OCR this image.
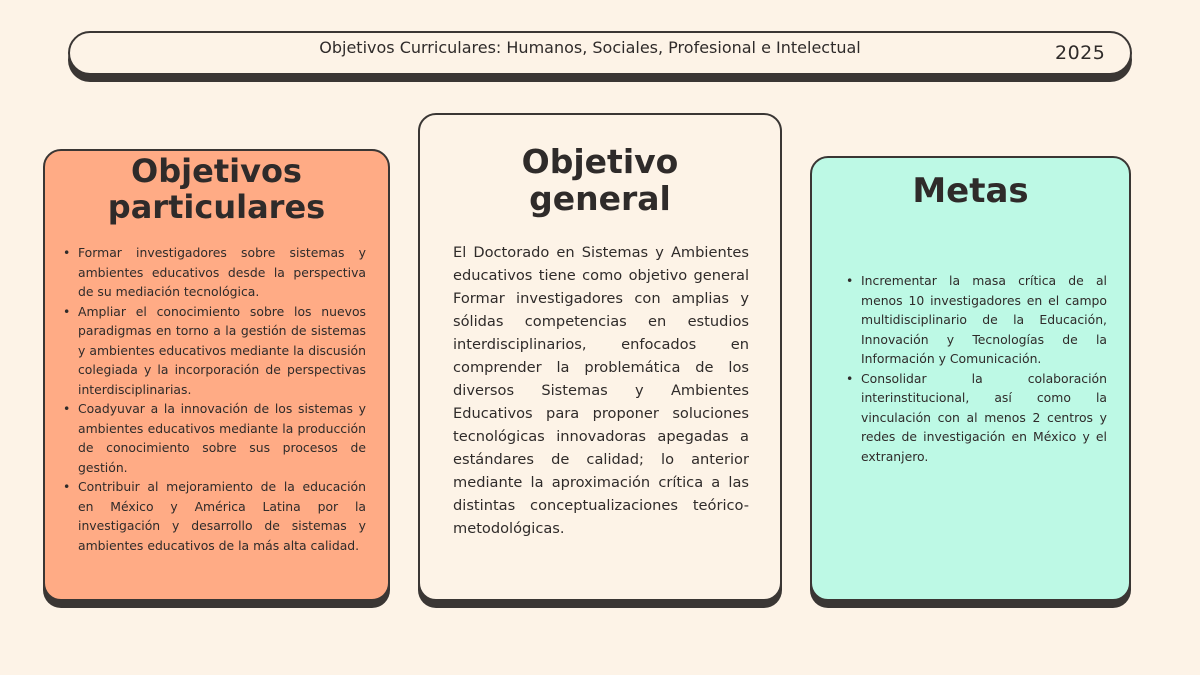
Objetivos Curriculares: Humanos, Sociales, Profesional e Intelectual	2025
Objetivos particulares
• Formar investigadores sobre sistemas y ambientes educativos desde la perspectiva de su mediación tecnológica.
• Ampliar el conocimiento sobre los nuevos paradigmas en torno a la gestión de sistemas y ambientes educativos mediante la discusión colegiada y la incorporación de perspectivas interdisciplinarias.
• Coadyuvar a la innovación de los sistemas y ambientes educativos mediante la producción de conocimiento sobre sus procesos de gestión.
• Contribuir al mejoramiento de la educación en México y América Latina por la investigación y desarrollo de sistemas y ambientes educativos de la más alta calidad.
Objetivo general

El Doctorado en Sistemas y Ambientes educativos tiene como objetivo general Formar investigadores con amplias y sólidas competencias en estudios interdisciplinarios, enfocados en comprender la problemática de los diversos Sistemas y Ambientes Educativos para proponer soluciones tecnológicas innovadoras apegadas a estándares de calidad; lo anterior mediante la aproximación crítica a las distintas conceptualizaciones teórico-metodológicas.

Metas
• Incrementar la masa crítica de al menos 10 investigadores en el campo multidisciplinario de la Educación, Innovación y Tecnologías de la Información y Comunicación.
• Consolidar la colaboración interinstitucional, así como la vinculación con al menos 2 centros y redes de investigación en México y el extranjero.
